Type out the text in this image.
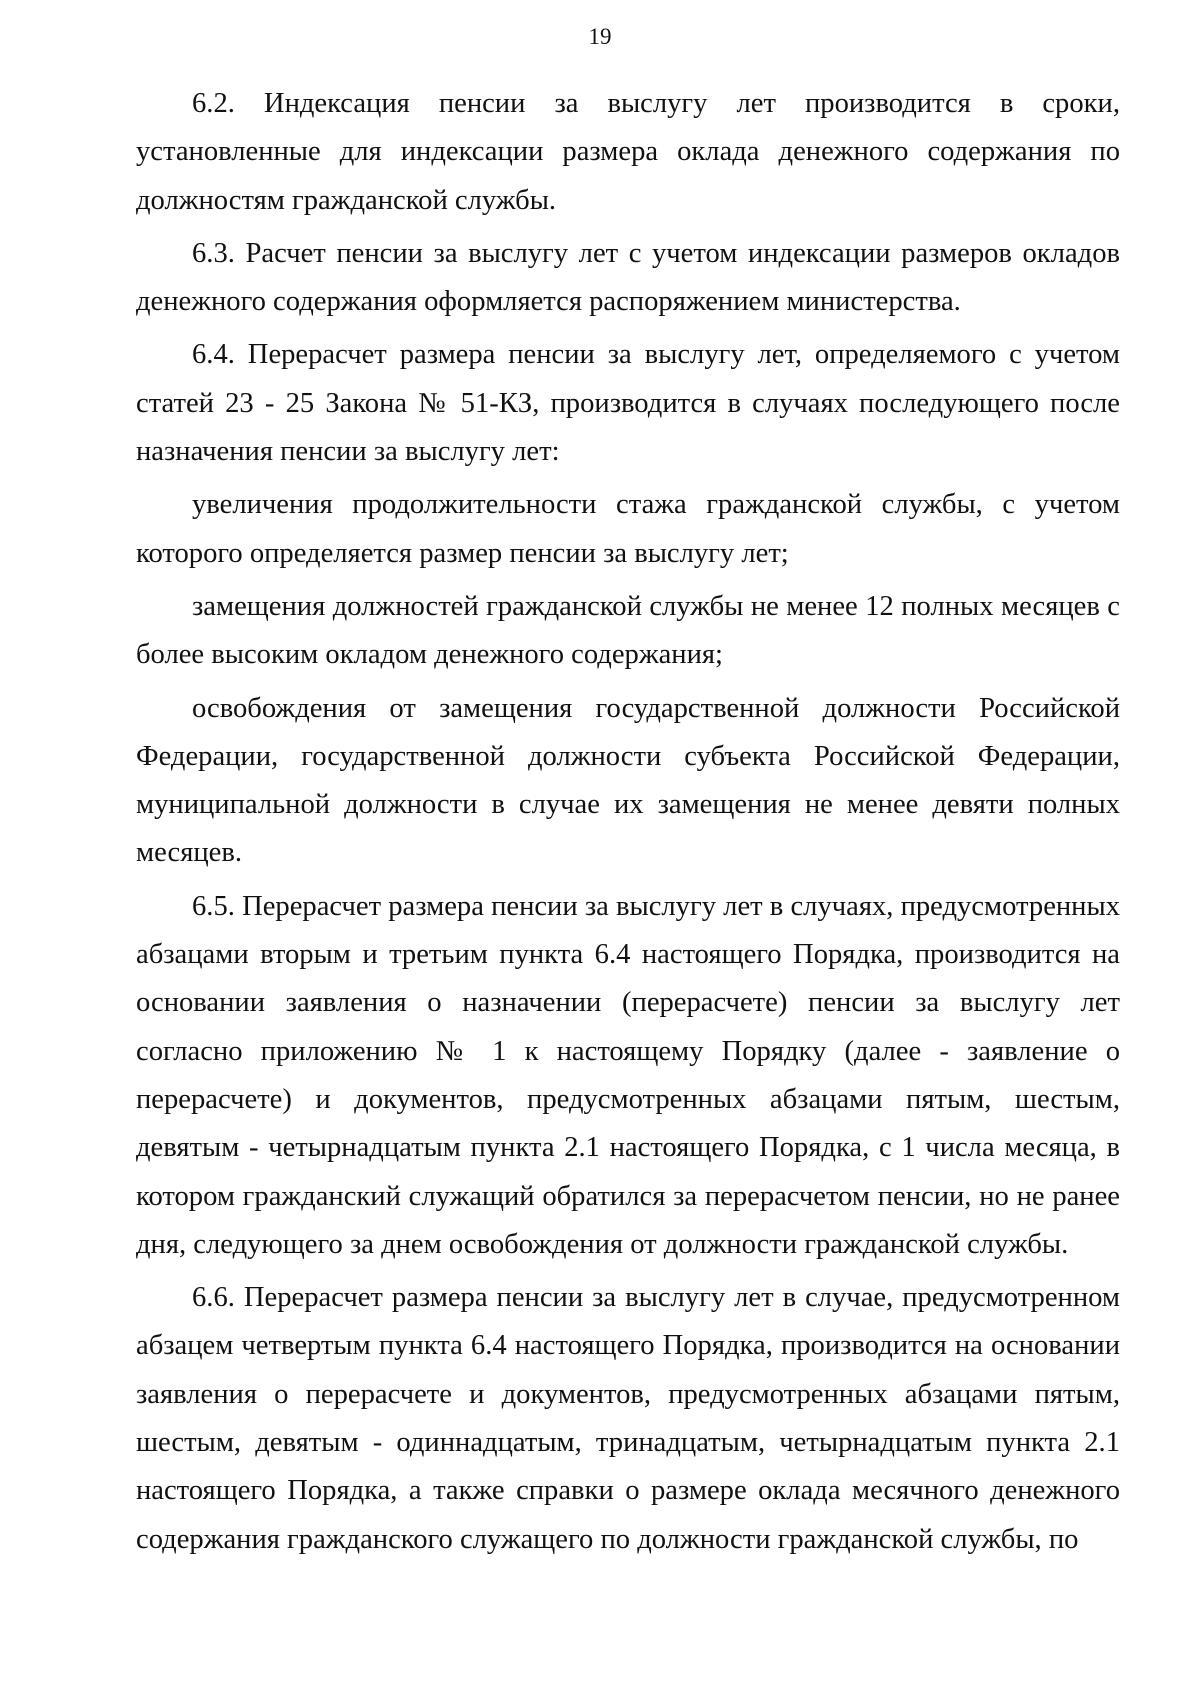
19

6.2. Индексация пенсии за выслугу лет производится в сроки, установленные для индексации размера оклада денежного содержания по должностям гражданской службы.

6.3. Расчет пенсии за выслугу лет с учетом индексации размеров окладов денежного содержания оформляется распоряжением министерства.

6.4. Перерасчет размера пенсии за выслугу лет, определяемого с учетом статей 23 - 25 Закона № 51-КЗ, производится в случаях последующего после назначения пенсии за выслугу лет:

увеличения продолжительности стажа гражданской службы, с учетом которого определяется размер пенсии за выслугу лет;

замещения должностей гражданской службы не менее 12 полных месяцев с более высоким окладом денежного содержания;

освобождения от замещения государственной должности Российской Федерации, государственной должности субъекта Российской Федерации, муниципальной должности в случае их замещения не менее девяти полных месяцев.

6.5. Перерасчет размера пенсии за выслугу лет в случаях, предусмотренных абзацами вторым и третьим пункта 6.4 настоящего Порядка, производится на основании заявления о назначении (перерасчете) пенсии за выслугу лет согласно приложению № 1 к настоящему Порядку (далее - заявление о перерасчете) и документов, предусмотренных абзацами пятым, шестым, девятым - четырнадцатым пункта 2.1 настоящего Порядка, с 1 числа месяца, в котором гражданский служащий обратился за перерасчетом пенсии, но не ранее дня, следующего за днем освобождения от должности гражданской службы.

6.6. Перерасчет размера пенсии за выслугу лет в случае, предусмотренном абзацем четвертым пункта 6.4 настоящего Порядка, производится на основании заявления о перерасчете и документов, предусмотренных абзацами пятым, шестым, девятым - одиннадцатым, тринадцатым, четырнадцатым пункта 2.1 настоящего Порядка, а также справки о размере оклада месячного денежного содержания гражданского служащего по должности гражданской службы, по
